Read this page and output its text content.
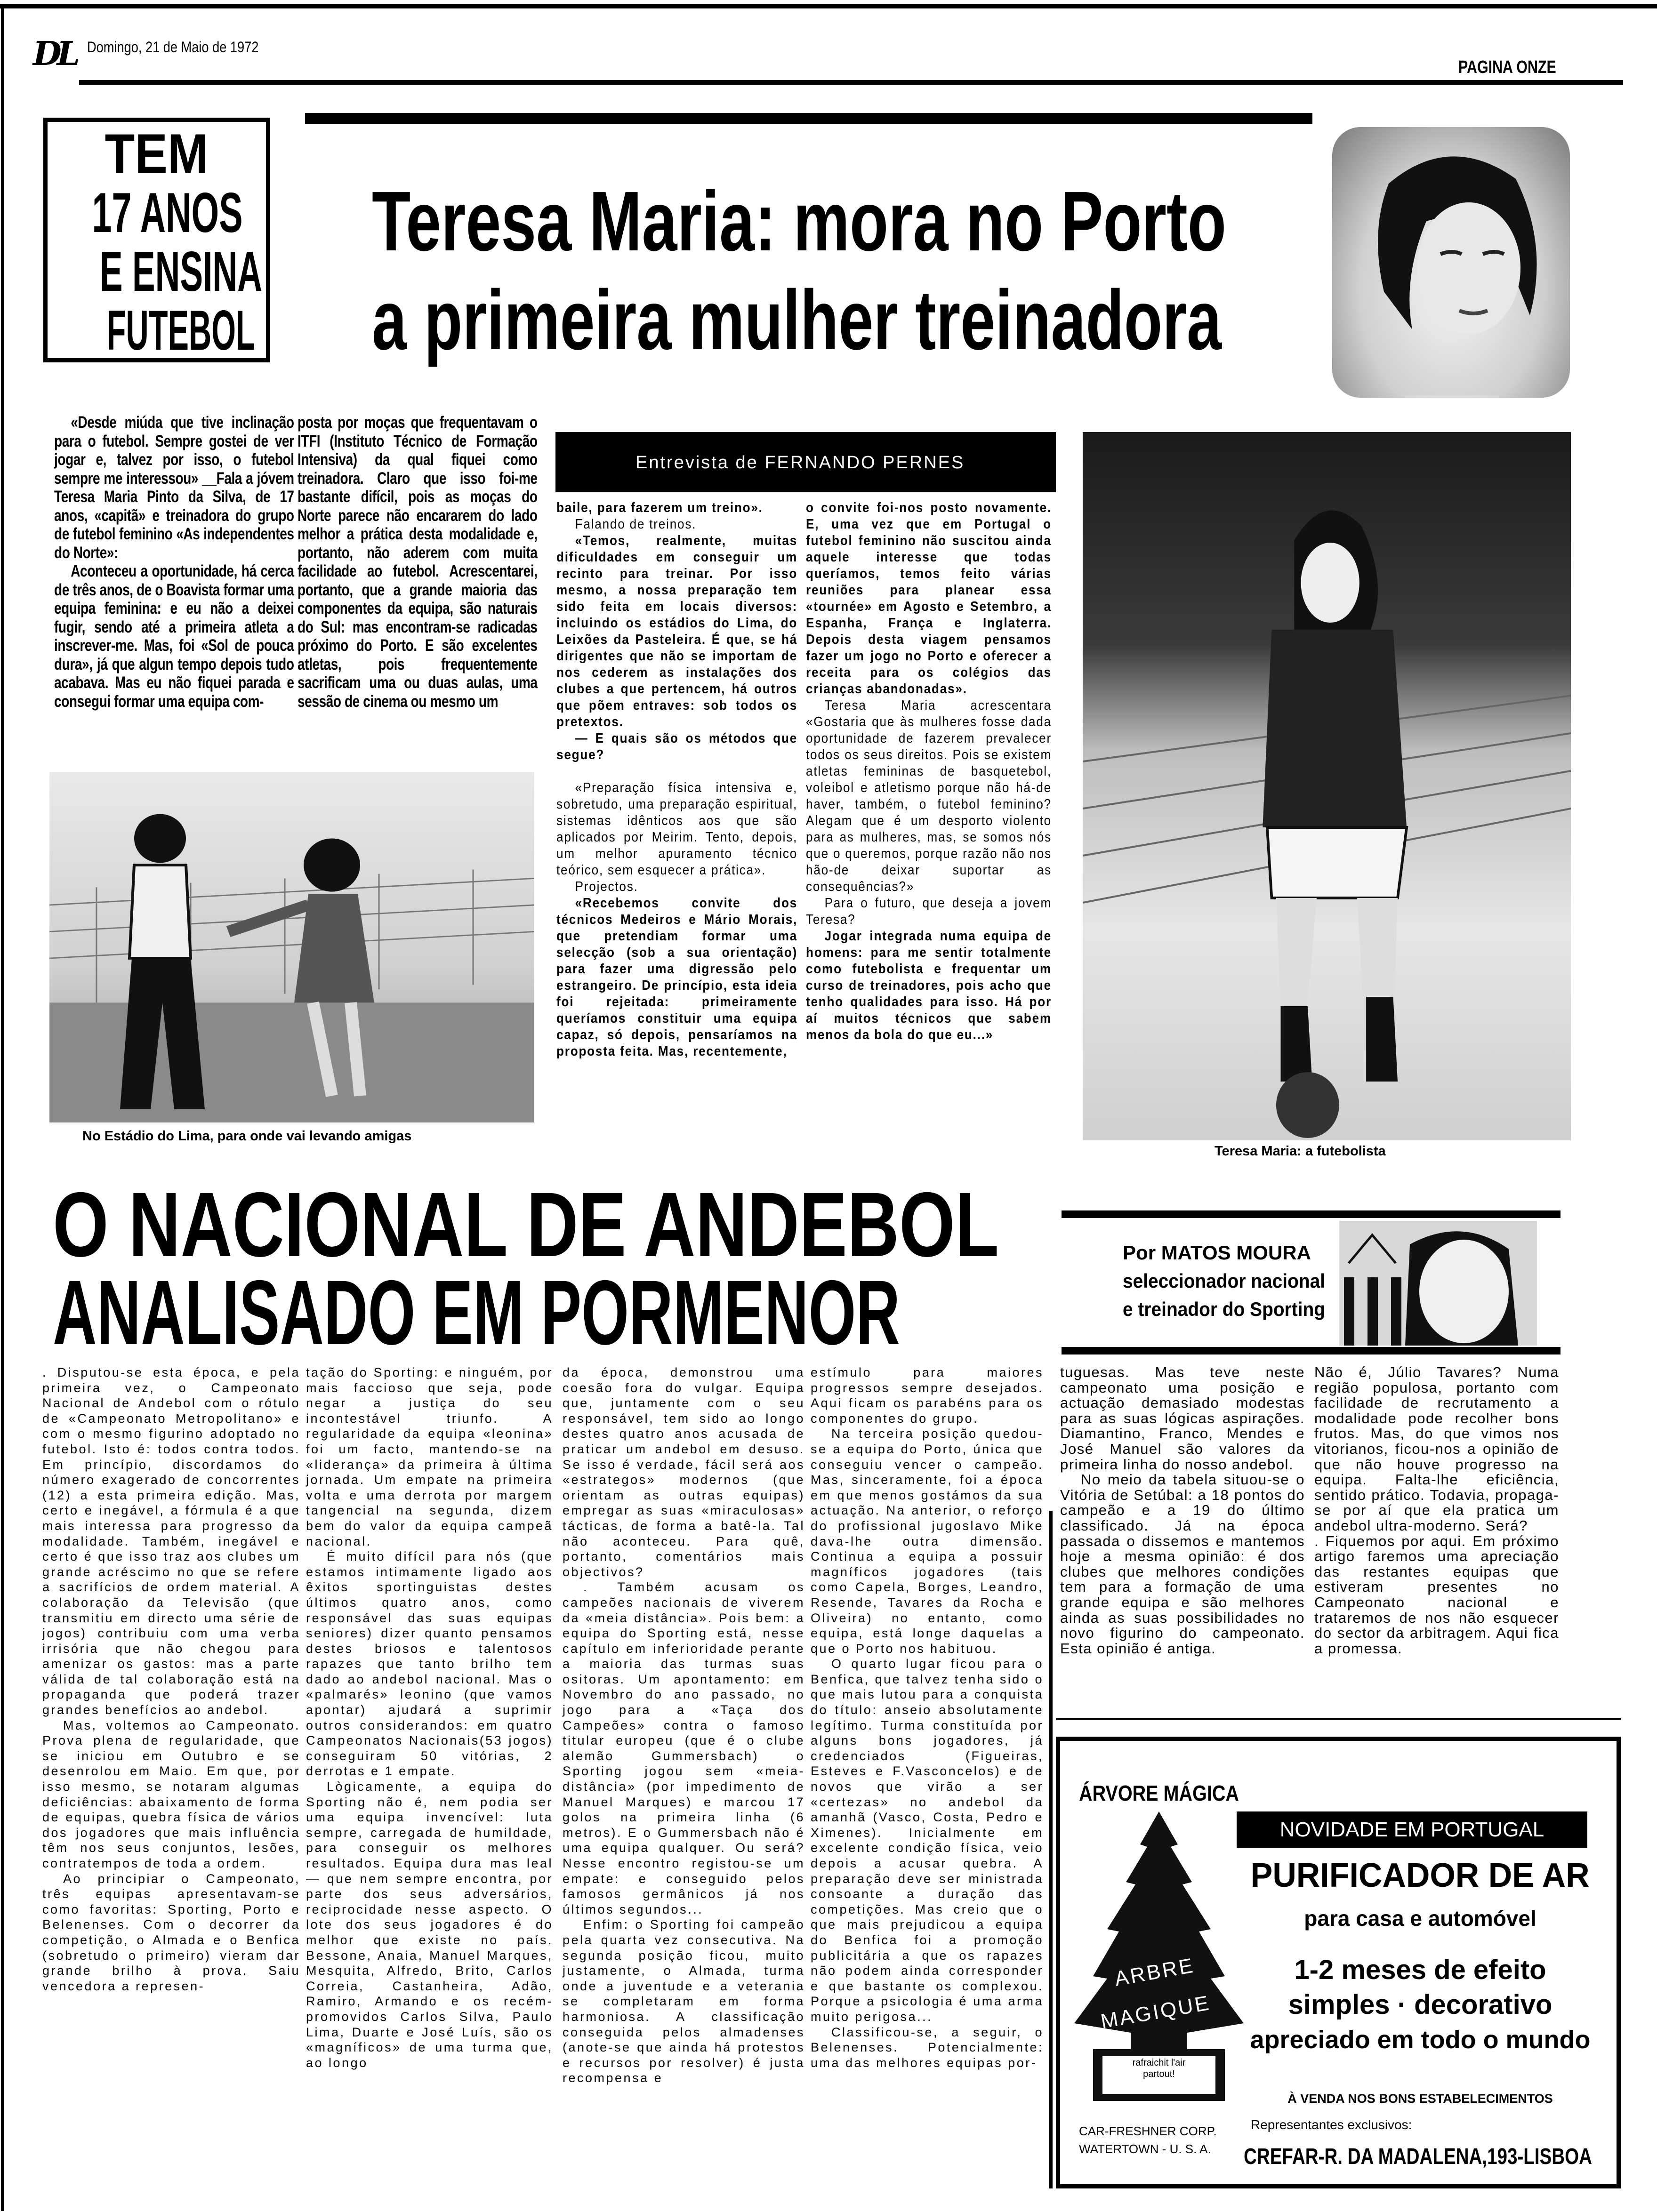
DL Domingo, 21 de Maio de 1972
PAGINA ONZE
TEM
17 ANOS
E ENSINA
FUTEBOL
Teresa Maria: mora no Porto
a primeira mulher treinadora

«Desde miúda que tive inclinação para o futebol. Sempre gostei de ver jogar e, talvez por isso, o futebol sempre me interessou» __Fala a jóvem Teresa Maria Pinto da Silva, de 17 anos, «capitã» e treinadora do grupo de futebol feminino «As independentes do Norte»:

Aconteceu a oportunidade, há cerca de três anos, de o Boavista formar uma equipa feminina: e eu não a deixei fugir, sendo até a primeira atleta a inscrever-me. Mas, foi «Sol de pouca dura», já que algun tempo depois tudo acabava. Mas eu não fiquei parada e consegui formar uma equipa com-

posta por moças que frequentavam o ITFI (Instituto Técnico de Formação Intensiva) da qual fiquei como treinadora. Claro que isso foi-me bastante difícil, pois as moças do Norte parece não encararem do lado melhor a prática desta modalidade e, portanto, não aderem com muita facilidade ao futebol. Acrescentarei, portanto, que a grande maioria das componentes da equipa, são naturais do Sul: mas encontram-se radicadas próximo do Porto. E são excelentes atletas, pois frequentemente sacrificam uma ou duas aulas, uma sessão de cinema ou mesmo um

Entrevista de FERNANDO PERNES

baile, para fazerem um treino».

Falando de treinos.

«Temos, realmente, muitas dificuldades em conseguir um recinto para treinar. Por isso mesmo, a nossa preparação tem sido feita em locais diversos: incluindo os estádios do Lima, do Leixões da Pasteleira. É que, se há dirigentes que não se importam de nos cederem as instalações dos clubes a que pertencem, há outros que põem entraves: sob todos os pretextos.

— E quais são os métodos que segue?

«Preparação física intensiva e, sobretudo, uma preparação espiritual, sistemas idênticos aos que são aplicados por Meirim. Tento, depois, um melhor apuramento técnico teórico, sem esquecer a prática».

Projectos.

«Recebemos convite dos técnicos Medeiros e Mário Morais, que pretendiam formar uma selecção (sob a sua orientação) para fazer uma digressão pelo estrangeiro. De princípio, esta ideia foi rejeitada: primeiramente queríamos constituir uma equipa capaz, só depois, pensaríamos na proposta feita. Mas, recentemente,

o convite foi-nos posto novamente. E, uma vez que em Portugal o futebol feminino não suscitou ainda aquele interesse que todas queríamos, temos feito várias reuniões para planear essa «tournée» em Agosto e Setembro, a Espanha, França e Inglaterra. Depois desta viagem pensamos fazer um jogo no Porto e oferecer a receita para os colégios das crianças abandonadas».

Teresa Maria acrescentara «Gostaria que às mulheres fosse dada oportunidade de fazerem prevalecer todos os seus direitos. Pois se existem atletas femininas de basquetebol, voleibol e atletismo porque não há-de haver, também, o futebol feminino? Alegam que é um desporto violento para as mulheres, mas, se somos nós que o queremos, porque razão não nos hão-de deixar suportar as consequências?»

Para o futuro, que deseja a jovem Teresa?

Jogar integrada numa equipa de homens: para me sentir totalmente como futebolista e frequentar um curso de treinadores, pois acho que tenho qualidades para isso. Há por aí muitos técnicos que sabem menos da bola do que eu...»

No Estádio do Lima, para onde vai levando amigas
Teresa Maria: a futebolista
O NACIONAL DE ANDEBOL
ANALISADO EM PORMENOR
Por MATOS MOURA
seleccionador nacional
e treinador do Sporting

. Disputou-se esta época, e pela primeira vez, o Campeonato Nacional de Andebol com o rótulo de «Campeonato Metropolitano» e com o mesmo figurino adoptado no futebol. Isto é: todos contra todos. Em princípio, discordamos do número exagerado de concorrentes (12) a esta primeira edição. Mas, certo e inegável, a fórmula é a que mais interessa para progresso da modalidade. Também, inegável e certo é que isso traz aos clubes um grande acréscimo no que se refere a sacrifícios de ordem material. A colaboração da Televisão (que transmitiu em directo uma série de jogos) contribuiu com uma verba irrisória que não chegou para amenizar os gastos: mas a parte válida de tal colaboração está na propaganda que poderá trazer grandes benefícios ao andebol.

Mas, voltemos ao Campeonato. Prova plena de regularidade, que se iniciou em Outubro e se desenrolou em Maio. Em que, por isso mesmo, se notaram algumas deficiências: abaixamento de forma de equipas, quebra física de vários dos jogadores que mais influência têm nos seus conjuntos, lesões, contratempos de toda a ordem.

Ao principiar o Campeonato, três equipas apresentavam-se como favoritas: Sporting, Porto e Belenenses. Com o decorrer da competição, o Almada e o Benfica (sobretudo o primeiro) vieram dar grande brilho à prova. Saiu vencedora a represen-

tação do Sporting: e ninguém, por mais faccioso que seja, pode negar a justiça do seu incontestável triunfo. A regularidade da equipa «leonina» foi um facto, mantendo-se na «liderança» da primeira à última jornada. Um empate na primeira volta e uma derrota por margem tangencial na segunda, dizem bem do valor da equipa campeã nacional.

É muito difícil para nós (que estamos intimamente ligado aos êxitos sportinguistas destes últimos quatro anos, como responsável das suas equipas seniores) dizer quanto pensamos destes briosos e talentosos rapazes que tanto brilho tem dado ao andebol nacional. Mas o «palmarés» leonino (que vamos apontar) ajudará a suprimir outros considerandos: em quatro Campeonatos Nacionais(53 jogos) conseguiram 50 vitórias, 2 derrotas e 1 empate.

Lògicamente, a equipa do Sporting não é, nem podia ser uma equipa invencível: luta sempre, carregada de humildade, para conseguir os melhores resultados. Equipa dura mas leal — que nem sempre encontra, por parte dos seus adversários, reciprocidade nesse aspecto. O lote dos seus jogadores é do melhor que existe no país. Bessone, Anaia, Manuel Marques, Mesquita, Alfredo, Brito, Carlos Correia, Castanheira, Adão, Ramiro, Armando e os recém-promovidos Carlos Silva, Paulo Lima, Duarte e José Luís, são os «magníficos» de uma turma que, ao longo

da época, demonstrou uma coesão fora do vulgar. Equipa que, juntamente com o seu responsável, tem sido ao longo destes quatro anos acusada de praticar um andebol em desuso. Se isso é verdade, fácil será aos «estrategos» modernos (que orientam as outras equipas) empregar as suas «miraculosas» tácticas, de forma a batê-la. Tal não aconteceu. Para quê, portanto, comentários mais objectivos?

. Também acusam os campeões nacionais de viverem da «meia distância». Pois bem: a equipa do Sporting está, nesse capítulo em inferioridade perante a maioria das turmas suas ositoras. Um apontamento: em Novembro do ano passado, no jogo para a «Taça dos Campeões» contra o famoso titular europeu (que é o clube alemão Gummersbach) o Sporting jogou sem «meia-distância» (por impedimento de Manuel Marques) e marcou 17 golos na primeira linha (6 metros). E o Gummersbach não é uma equipa qualquer. Ou será? Nesse encontro registou-se um empate: e conseguido pelos famosos germânicos já nos últimos segundos...

Enfim: o Sporting foi campeão pela quarta vez consecutiva. Na segunda posição ficou, muito justamente, o Almada, turma onde a juventude e a veterania se completaram em forma harmoniosa. A classificação conseguida pelos almadenses (anote-se que ainda há protestos e recursos por resolver) é justa recompensa e

estímulo para maiores progressos sempre desejados. Aqui ficam os parabéns para os componentes do grupo.

Na terceira posição quedou-se a equipa do Porto, única que conseguiu vencer o campeão. Mas, sinceramente, foi a época em que menos gostámos da sua actuação. Na anterior, o reforço do profissional jugoslavo Mike dava-lhe outra dimensão. Continua a equipa a possuir magníficos jogadores (tais como Capela, Borges, Leandro, Resende, Tavares da Rocha e Oliveira) no entanto, como equipa, está longe daquelas a que o Porto nos habituou.

O quarto lugar ficou para o Benfica, que talvez tenha sido o que mais lutou para a conquista do título: anseio absolutamente legítimo. Turma constituída por alguns bons jogadores, já credenciados (Figueiras, Esteves e F.Vasconcelos) e de novos que virão a ser «certezas» no andebol da amanhã (Vasco, Costa, Pedro e Ximenes). Inicialmente em excelente condição física, veio depois a acusar quebra. A preparação deve ser ministrada consoante a duração das competições. Mas creio que o que mais prejudicou a equipa do Benfica foi a promoção publicitária a que os rapazes não podem ainda corresponder e que bastante os complexou. Porque a psicologia é uma arma muito perigosa...

Classificou-se, a seguir, o Belenenses. Potencialmente: uma das melhores equipas por-

tuguesas. Mas teve neste campeonato uma posição e actuação demasiado modestas para as suas lógicas aspirações. Diamantino, Franco, Mendes e José Manuel são valores da primeira linha do nosso andebol.

No meio da tabela situou-se o Vitória de Setúbal: a 18 pontos do campeão e a 19 do último classificado. Já na época passada o dissemos e mantemos hoje a mesma opinião: é dos clubes que melhores condições tem para a formação de uma grande equipa e são melhores ainda as suas possibilidades no novo figurino do campeonato. Esta opinião é antiga.

Não é, Júlio Tavares? Numa região populosa, portanto com facilidade de recrutamento a modalidade pode recolher bons frutos. Mas, do que vimos nos vitorianos, ficou-nos a opinião de que não houve progresso na equipa. Falta-lhe eficiência, sentido prático. Todavia, propaga-se por aí que ela pratica um andebol ultra-moderno. Será?

. Fiquemos por aqui. Em próximo artigo faremos uma apreciação das restantes equipas que estiveram presentes no Campeonato nacional e trataremos de nos não esquecer do sector da arbitragem. Aqui fica a promessa.

ÁRVORE MÁGICA
ARBRE
MAGIQUE
rafraichit l'air
partout!
CAR-FRESHNER CORP.
WATERTOWN - U. S. A.
NOVIDADE EM PORTUGAL
PURIFICADOR DE AR
para casa e automóvel
1-2 meses de efeito
simples · decorativo
apreciado em todo o mundo
À VENDA NOS BONS ESTABELECIMENTOS
Representantes exclusivos:
CREFAR-R. DA MADALENA,193-LISBOA
